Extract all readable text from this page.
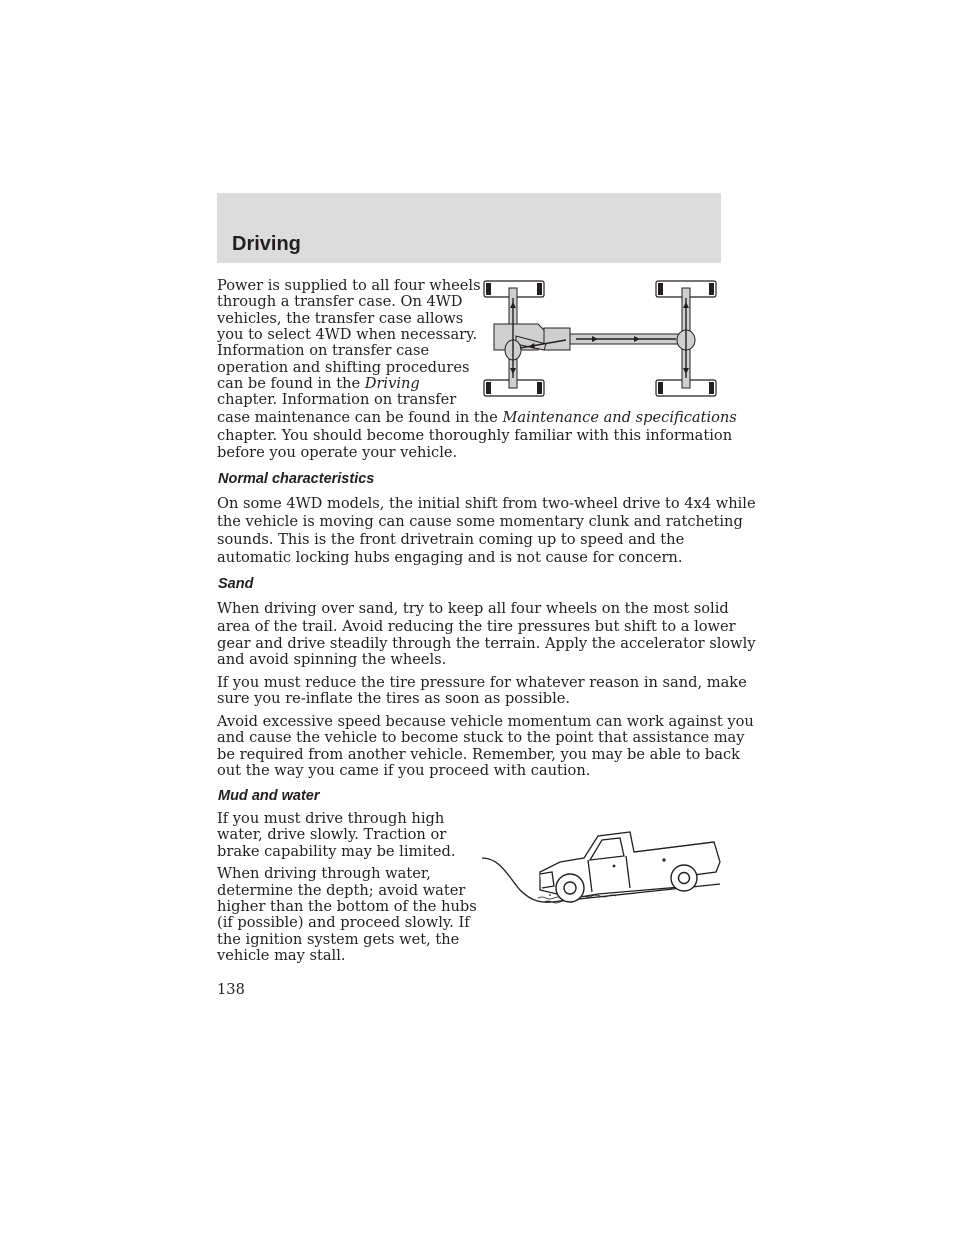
Driving
Power is supplied to all four wheels
through a transfer case. On 4WD
vehicles, the transfer case allows
you to select 4WD when necessary.
Information on transfer case
operation and shifting procedures
can be found in the Driving
chapter. Information on transfer
case maintenance can be found in the Maintenance and specifications
chapter. You should become thoroughly familiar with this information
before you operate your vehicle.
Normal characteristics
On some 4WD models, the initial shift from two-wheel drive to 4x4 while
the vehicle is moving can cause some momentary clunk and ratcheting
sounds. This is the front drivetrain coming up to speed and the
automatic locking hubs engaging and is not cause for concern.
Sand
When driving over sand, try to keep all four wheels on the most solid
area of the trail. Avoid reducing the tire pressures but shift to a lower
gear and drive steadily through the terrain. Apply the accelerator slowly
and avoid spinning the wheels.
If you must reduce the tire pressure for whatever reason in sand, make
sure you re-inflate the tires as soon as possible.
Avoid excessive speed because vehicle momentum can work against you
and cause the vehicle to become stuck to the point that assistance may
be required from another vehicle. Remember, you may be able to back
out the way you came if you proceed with caution.
Mud and water
If you must drive through high
water, drive slowly. Traction or
brake capability may be limited.
When driving through water,
determine the depth; avoid water
higher than the bottom of the hubs
(if possible) and proceed slowly. If
the ignition system gets wet, the
vehicle may stall.
138
